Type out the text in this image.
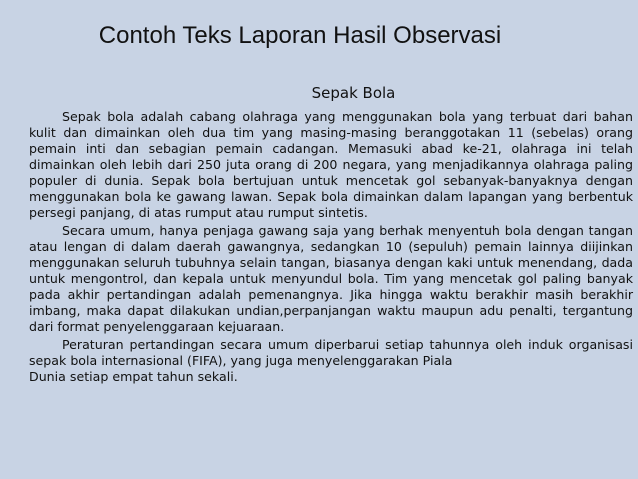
Contoh Teks Laporan Hasil Observasi
Sepak Bola

Sepak bola adalah cabang olahraga yang menggunakan bola yang terbuat dari bahan kulit dan dimainkan oleh dua tim yang masing-masing beranggotakan 11 (sebelas) orang pemain inti dan sebagian pemain cadangan. Memasuki abad ke-21, olahraga ini telah dimainkan oleh lebih dari 250 juta orang di 200 negara, yang menjadikannya olahraga paling populer di dunia. Sepak bola bertujuan untuk mencetak gol sebanyak-banyaknya dengan menggunakan bola ke gawang lawan. Sepak bola dimainkan dalam lapangan yang berbentuk persegi panjang, di atas rumput atau rumput sintetis.

Secara umum, hanya penjaga gawang saja yang berhak menyentuh bola dengan tangan atau lengan di dalam daerah gawangnya, sedangkan 10 (sepuluh) pemain lainnya diijinkan menggunakan seluruh tubuhnya selain tangan, biasanya dengan kaki untuk menendang, dada untuk mengontrol, dan kepala untuk menyundul bola. Tim yang mencetak gol paling banyak pada akhir pertandingan adalah pemenangnya. Jika hingga waktu berakhir masih berakhir imbang, maka dapat dilakukan undian,perpanjangan waktu maupun adu penalti, tergantung dari format penyelenggaraan kejuaraan.

Peraturan pertandingan secara umum diperbarui setiap tahunnya oleh induk organisasi sepak bola internasional (FIFA), yang juga menyelenggarakan Piala

Dunia setiap empat tahun sekali.
